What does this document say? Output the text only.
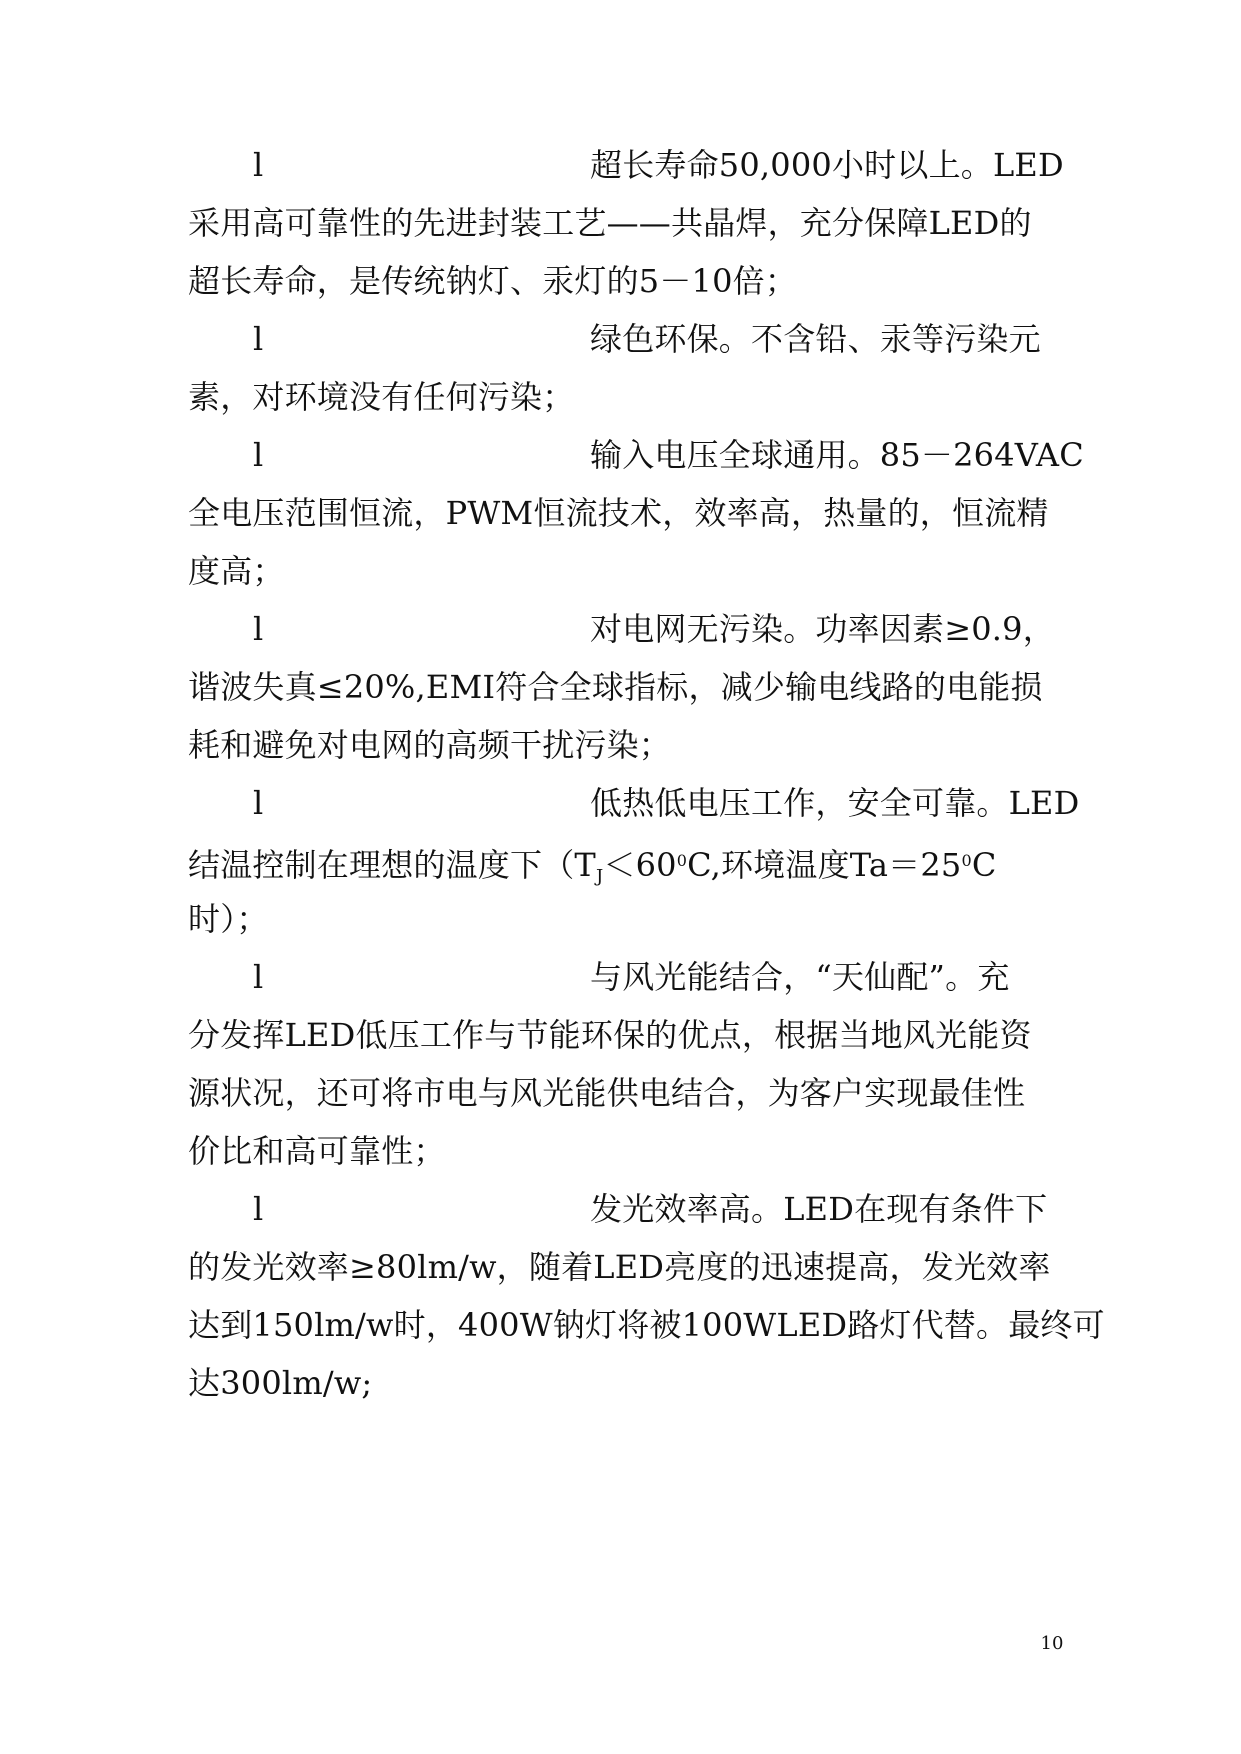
l	超长寿命50,000小时以上。LED
采用高可靠性的先进封装工艺——共晶焊，充分保障LED的
超长寿命，是传统钠灯、汞灯的5－10倍；
l	绿色环保。不含铅、汞等污染元
素，对环境没有任何污染；
l	输入电压全球通用。85－264VAC
全电压范围恒流，PWM恒流技术，效率高，热量的，恒流精
度高；
l	对电网无污染。功率因素≥0.9，
谐波失真≤20%,EMI符合全球指标，减少输电线路的电能损
耗和避免对电网的高频干扰污染；
l	低热低电压工作，安全可靠。LED
结温控制在理想的温度下（$T_J<60^0C$,环境温度$Ta=25^0C$
时）；
l	与风光能结合，“天仙配”。充
分发挥LED低压工作与节能环保的优点，根据当地风光能资
源状况，还可将市电与风光能供电结合，为客户实现最佳性
价比和高可靠性；
l	发光效率高。LED在现有条件下
的发光效率≥80lm/w，随着LED亮度的迅速提高，发光效率
达到150lm/w时，400W钠灯将被100WLED路灯代替。最终可
达300lm/w;
10
